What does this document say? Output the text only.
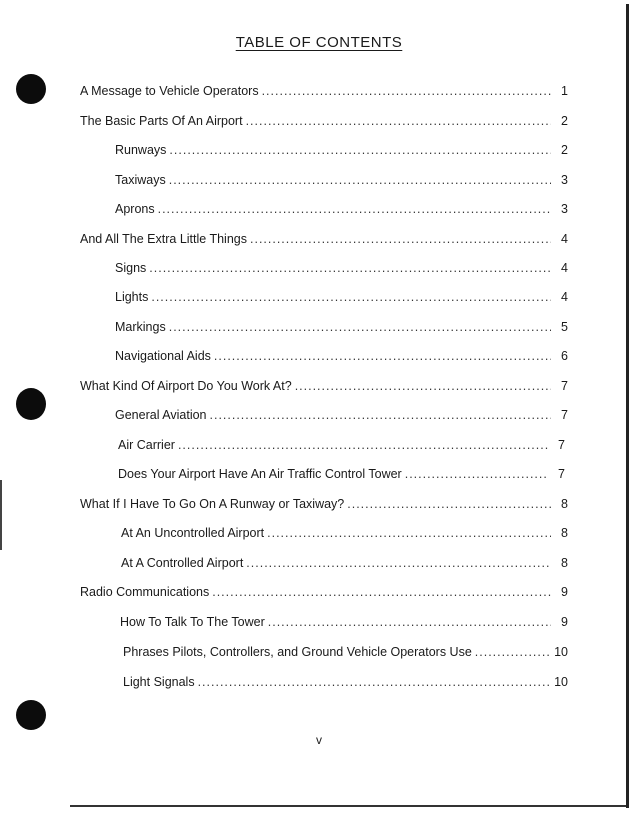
TABLE OF CONTENTS
A Message to Vehicle Operators .....	1
The Basic Parts Of An Airport .....	2
Runways .....	2
Taxiways .....	3
Aprons .....	3
And All The Extra Little Things .....	4
Signs .....	4
Lights .....	4
Markings .....	5
Navigational Aids .....	6
What Kind Of Airport Do You Work At? .....	7
General Aviation .....	7
Air Carrier .....	7
Does Your Airport Have An Air Traffic Control Tower .....	7
What If I Have To Go On A Runway or Taxiway? .....	8
At An Uncontrolled Airport .....	8
At A Controlled Airport .....	8
Radio Communications .....	9
How To Talk To The Tower .....	9
Phrases Pilots, Controllers, and Ground Vehicle Operators Use .....	10
Light Signals .....	10
v
